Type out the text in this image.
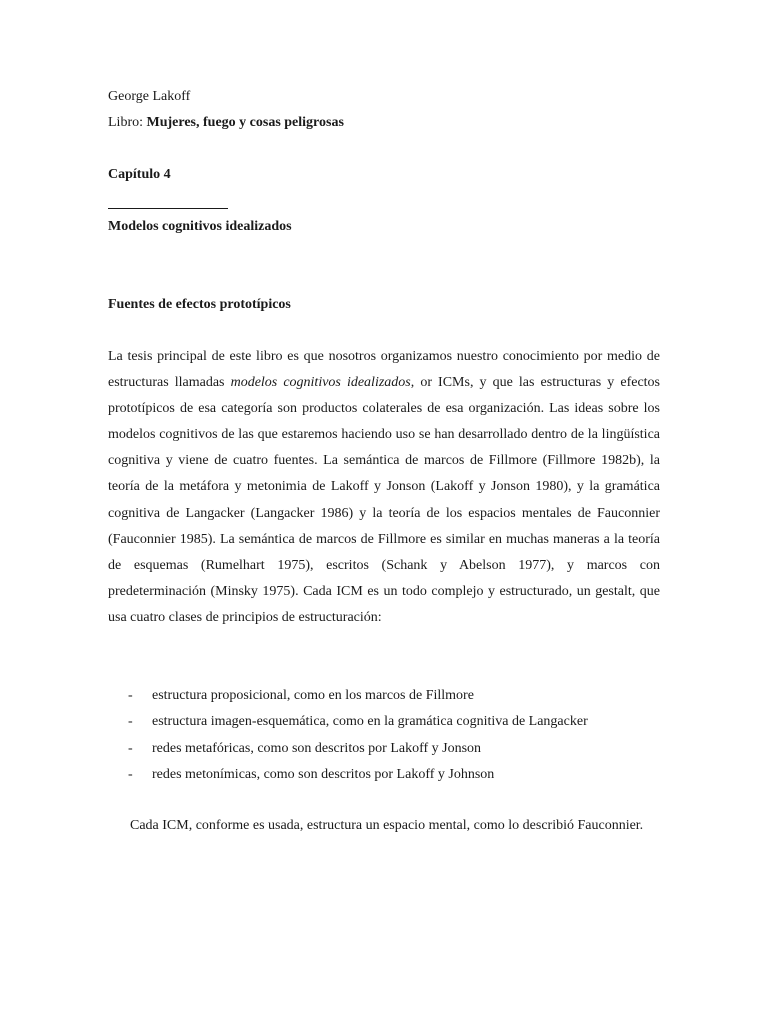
George Lakoff
Libro: Mujeres, fuego y cosas peligrosas
Capítulo 4
Modelos cognitivos idealizados
Fuentes de efectos prototípicos

La tesis principal de este libro es que nosotros organizamos nuestro conocimiento por medio de estructuras llamadas modelos cognitivos idealizados, or ICMs, y que las estructuras y efectos prototípicos de esa categoría son productos colaterales de esa organización. Las ideas sobre los modelos cognitivos de las que estaremos haciendo uso se han desarrollado dentro de la lingüística cognitiva y viene de cuatro fuentes. La semántica de marcos de Fillmore (Fillmore 1982b), la teoría de la metáfora y metonimia de Lakoff y Jonson (Lakoff y Jonson 1980), y la gramática cognitiva de Langacker (Langacker 1986) y la teoría de los espacios mentales de Fauconnier (Fauconnier 1985). La semántica de marcos de Fillmore es similar en muchas maneras a la teoría de esquemas (Rumelhart 1975), escritos (Schank y Abelson 1977), y marcos con predeterminación (Minsky 1975). Cada ICM es un todo complejo y estructurado, un gestalt, que usa cuatro clases de principios de estructuración:

- estructura proposicional, como en los marcos de Fillmore
- estructura imagen-esquemática, como en la gramática cognitiva de Langacker
- redes metafóricas, como son descritos por Lakoff y Jonson
- redes metonímicas, como son descritos por Lakoff y Johnson

Cada ICM, conforme es usada, estructura un espacio mental, como lo describió Fauconnier.
